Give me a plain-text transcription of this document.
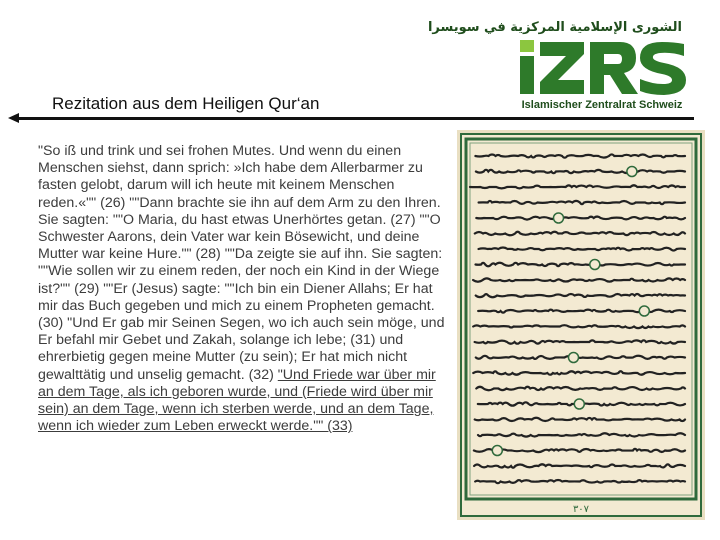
الشورى الإسلامية المركزية في سويسرا
Islamischer Zentralrat Schweiz
Rezitation aus dem Heiligen Qur‘an
"So iß und trink und sei frohen Mutes. Und wenn du einen Menschen siehst, dann sprich: »Ich habe dem Allerbarmer zu fasten gelobt, darum will ich heute mit keinem Menschen reden.«"" (26) ""Dann brachte sie ihn auf dem Arm zu den Ihren. Sie sagten: ""O Maria, du hast etwas Unerhörtes getan. (27) ""O Schwester Aarons, dein Vater war kein Bösewicht, und deine Mutter war keine Hure."" (28) ""Da zeigte sie auf ihn. Sie sagten: ""Wie sollen wir zu einem reden, der noch ein Kind in der Wiege ist?"" (29) ""Er (Jesus) sagte: ""Ich bin ein Diener Allahs; Er hat mir das Buch gegeben und mich zu einem Propheten gemacht. (30) "Und Er gab mir Seinen Segen, wo ich auch sein möge, und Er befahl mir Gebet und Zakah, solange ich lebe; (31) und ehrerbietig gegen meine Mutter (zu sein); Er hat mich nicht gewalttätig und unselig gemacht. (32) "Und Friede war über mir an dem Tage, als ich geboren wurde, und (Friede wird über mir sein) an dem Tage, wenn ich sterben werde, und an dem Tage, wenn ich wieder zum Leben erweckt werde."" (33)
٣٠٧
